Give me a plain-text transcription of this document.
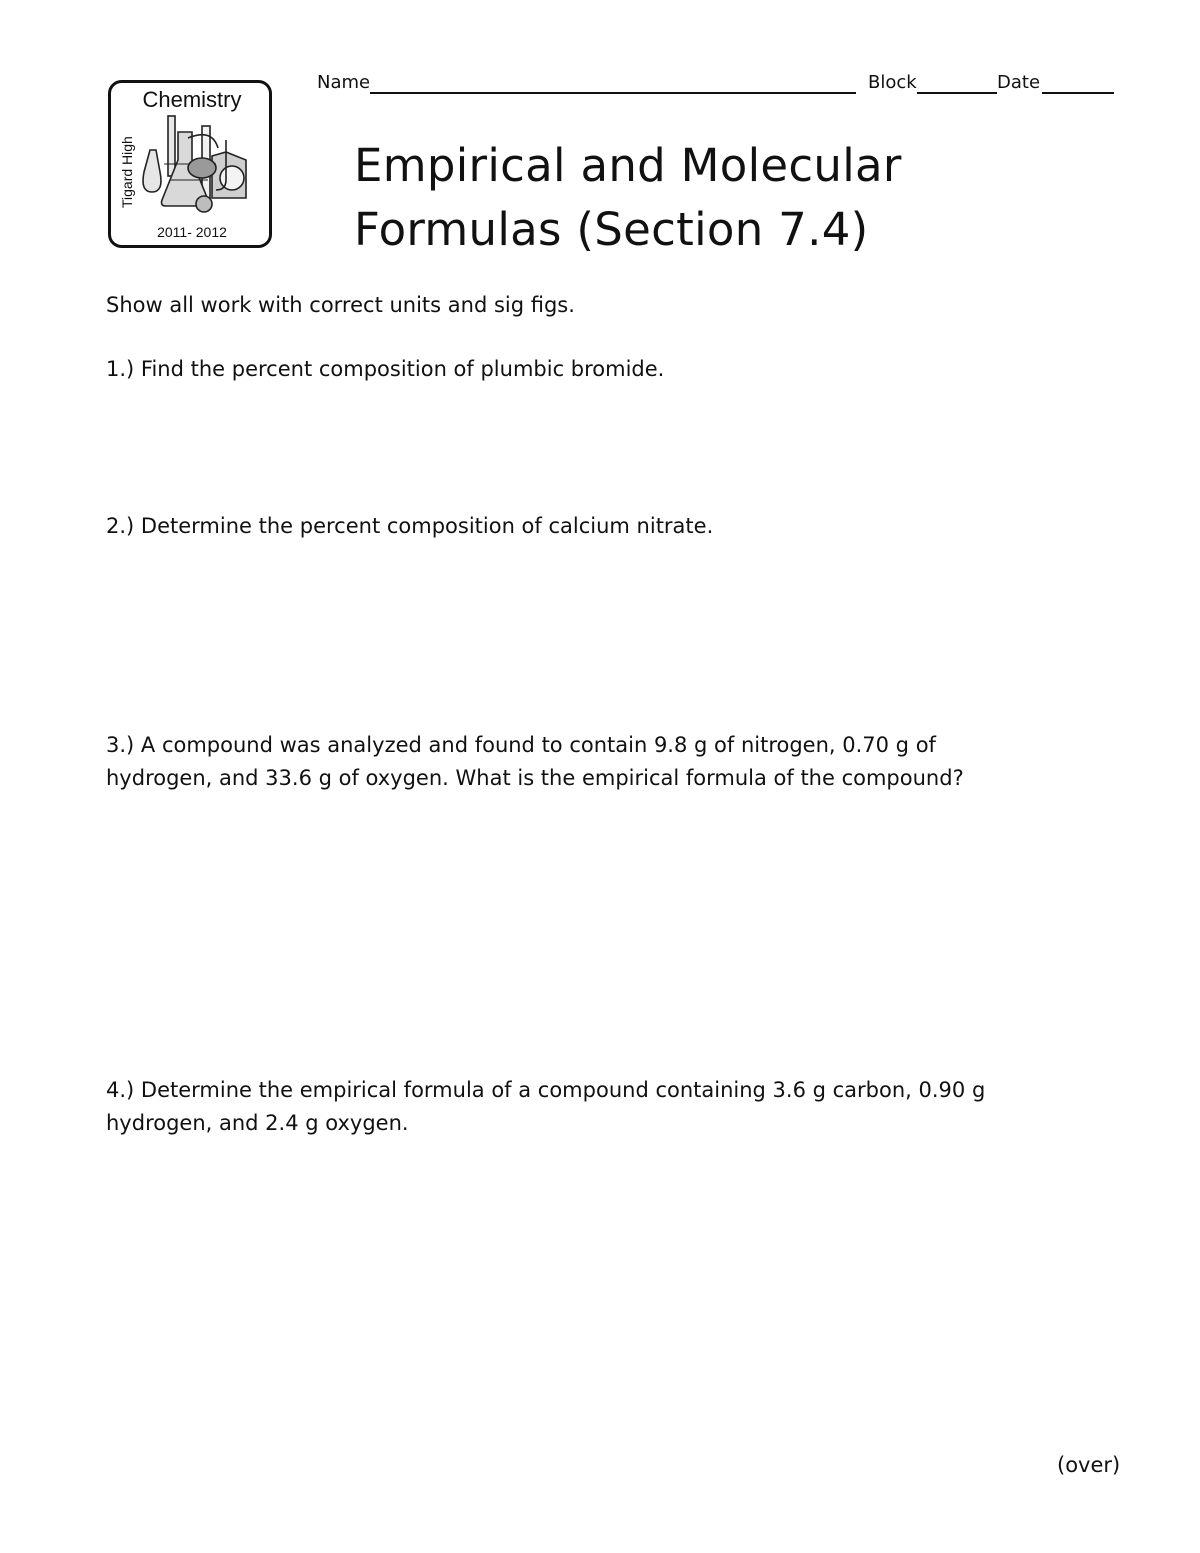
Chemistry
Tigard High
2011- 2012
Name	Block	Date
Empirical and Molecular
Formulas (Section 7.4)
Show all work with correct units and sig figs.
1.) Find the percent composition of plumbic bromide.
2.) Determine the percent composition of calcium nitrate.
3.) A compound was analyzed and found to contain 9.8 g of nitrogen, 0.70 g of
hydrogen, and 33.6 g of oxygen. What is the empirical formula of the compound?
4.) Determine the empirical formula of a compound containing 3.6 g carbon, 0.90 g
hydrogen, and 2.4 g oxygen.
(over)
